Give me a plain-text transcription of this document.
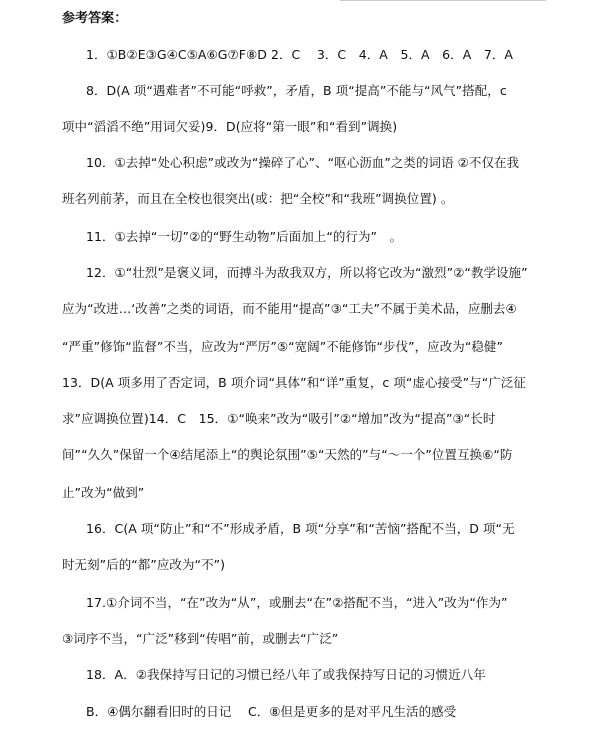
参考答案：
1．①B②E③G④C⑤A⑥G⑦F⑧D 2．C　 3．C　4．A　5．A　6．A　7．A
8．D(A 项“遇难者”不可能“呼救”，矛盾，B 项“提高”不能与“风气”搭配，c
项中“滔滔不绝”用词欠妥)9．D(应将“第一眼”和“看到”调换)
10．①去掉“处心积虑”或改为“操碎了心”、“呕心沥血”之类的词语 ②不仅在我
班名列前茅，而且在全校也很突出(或：把“全校”和“我班”调换位置) 。
11．①去掉“一切”②的“野生动物”后面加上“的行为”　。
12．①“壮烈”是褒义词，而搏斗为敌我双方，所以将它改为“激烈”②“教学设施”
应为“改进…‘改善”之类的词语，而不能用“提高”③“工夫”不属于美术品，应删去④
“严重”修饰“监督”不当，应改为“严厉”⑤“宽阔”不能修饰“步伐”，应改为“稳健”
13．D(A 项多用了否定词，B 项介词“具体”和“详”重复，c 项“虚心接受”与“广泛征
求”应调换位置)14．C　15．①“唤来”改为“吸引”②“增加”改为“提高”③“长时
间”“久久”保留一个④结尾添上“的舆论氛围”⑤“天然的”与“～一个”位置互换⑥“防
止”改为“做到”
16．C(A 项“防止”和“不”形成矛盾，B 项“分享”和“苦恼”搭配不当，D 项“无
时无刻”后的“都”应改为“不”)
17.①介词不当，“在”改为“从”，或删去“在”②搭配不当，“进入”改为“作为”
③词序不当，“广泛”移到“传唱”前，或删去“广泛”
18．A．②我保持写日记的习惯已经八年了或我保持写日记的习惯近八年
B．④偶尔翻看旧时的日记　 C．⑧但是更多的是对平凡生活的感受
